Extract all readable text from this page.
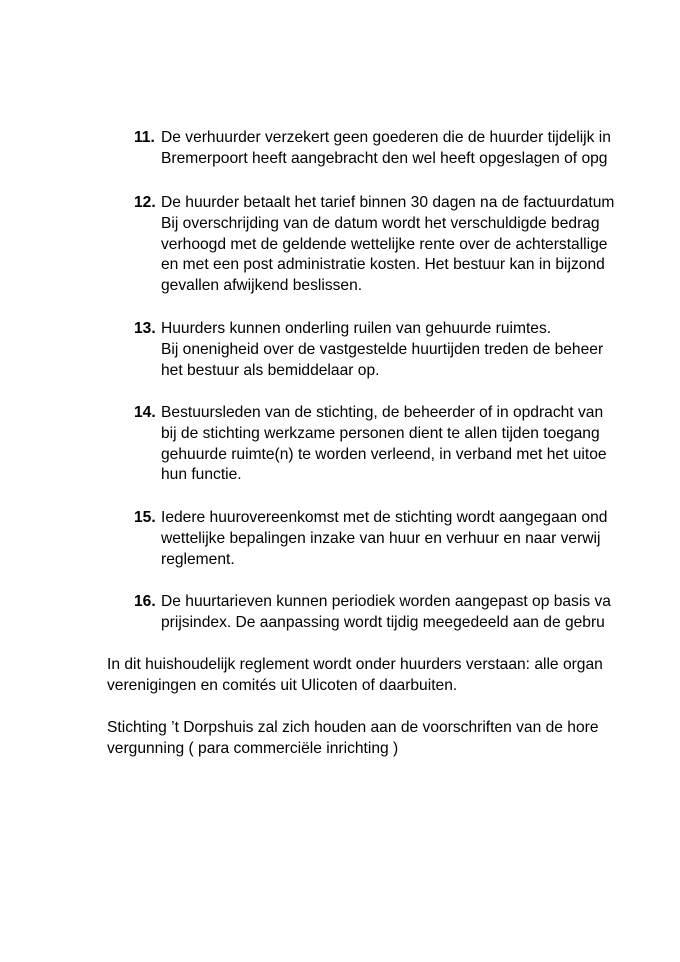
11. De verhuurder verzekert geen goederen die de huurder tijdelijk in
Bremerpoort heeft aangebracht den wel heeft opgeslagen of opg
12. De huurder betaalt het tarief binnen 30 dagen na de factuurdatum
Bij overschrijding van de datum wordt het verschuldigde bedrag
verhoogd met de geldende wettelijke rente over de achterstallige
en met een post administratie kosten. Het bestuur kan in bijzond
gevallen afwijkend beslissen.
13. Huurders kunnen onderling ruilen van gehuurde ruimtes.
Bij onenigheid over de vastgestelde huurtijden treden de beheer
het bestuur als bemiddelaar op.
14. Bestuursleden van de stichting, de beheerder of in opdracht van
bij de stichting werkzame personen dient te allen tijden toegang
gehuurde ruimte(n) te worden verleend, in verband met het uitoe
hun functie.
15. Iedere huurovereenkomst met de stichting wordt aangegaan ond
wettelijke bepalingen inzake van huur en verhuur en naar verwij
reglement.
16. De huurtarieven kunnen periodiek worden aangepast op basis va
prijsindex. De aanpassing wordt tijdig meegedeeld aan de gebru
In dit huishoudelijk reglement wordt onder huurders verstaan: alle organ
verenigingen en comités uit Ulicoten of daarbuiten.
Stichting ’t Dorpshuis zal zich houden aan de voorschriften van de hore
vergunning ( para commerciële inrichting )
